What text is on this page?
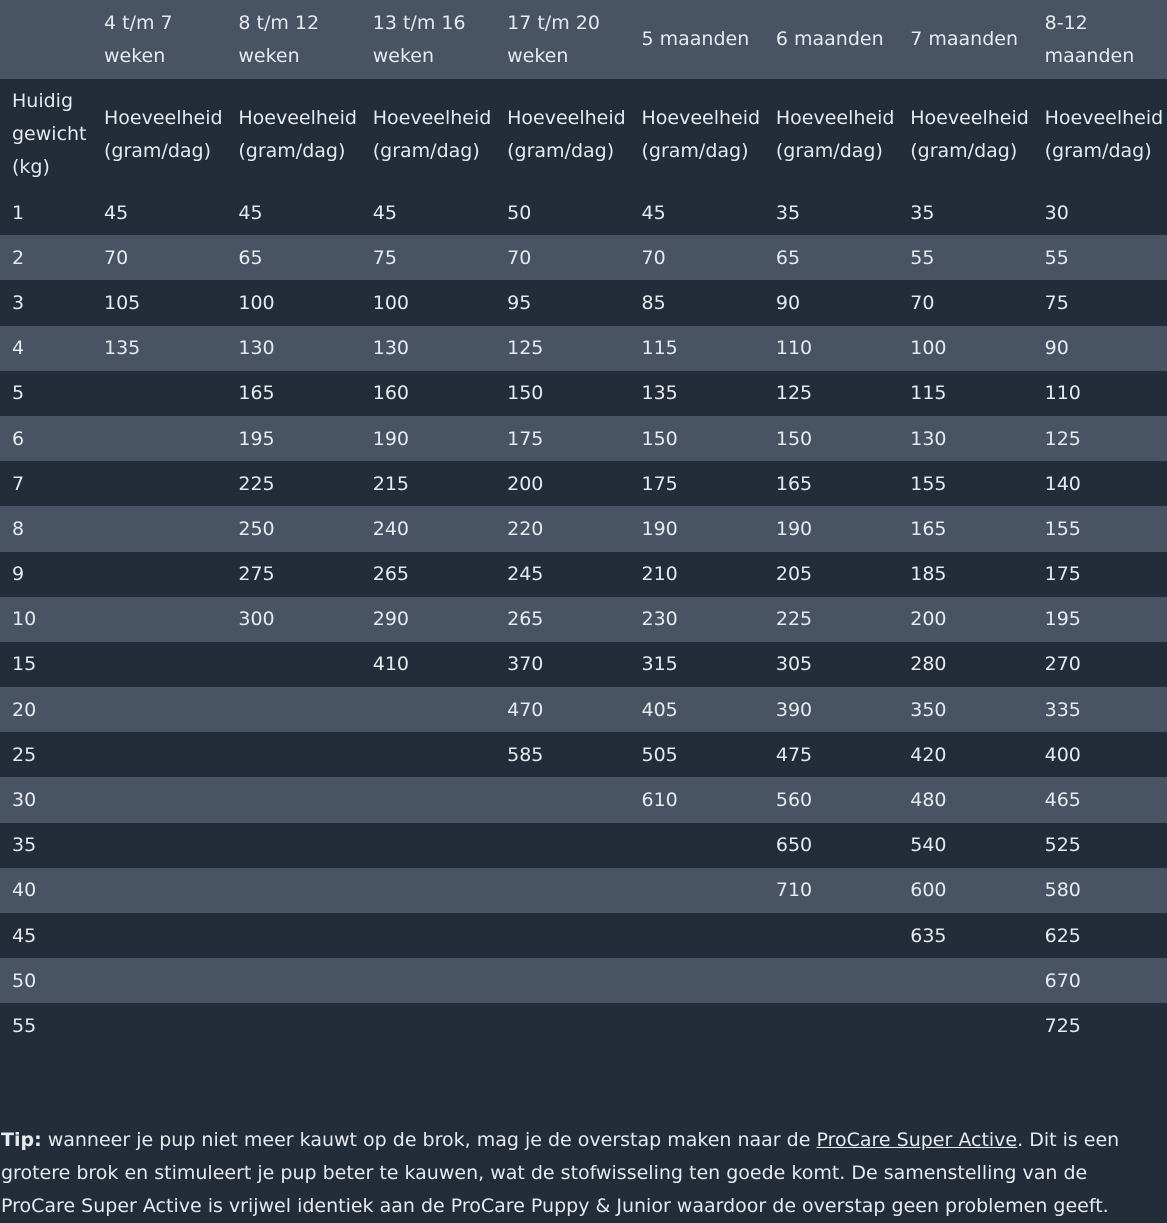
	4 t/m 7 weken	8 t/m 12 weken	13 t/m 16 weken	17 t/m 20 weken	5 maanden	6 maanden	7 maanden	8-12 maanden
Huidig gewicht (kg)	Hoeveelheid (gram/dag)	Hoeveelheid (gram/dag)	Hoeveelheid (gram/dag)	Hoeveelheid (gram/dag)	Hoeveelheid (gram/dag)	Hoeveelheid (gram/dag)	Hoeveelheid (gram/dag)	Hoeveelheid (gram/dag)
1	45	45	45	50	45	35	35	30
2	70	65	75	70	70	65	55	55
3	105	100	100	95	85	90	70	75
4	135	130	130	125	115	110	100	90
5		165	160	150	135	125	115	110
6		195	190	175	150	150	130	125
7		225	215	200	175	165	155	140
8		250	240	220	190	190	165	155
9		275	265	245	210	205	185	175
10		300	290	265	230	225	200	195
15			410	370	315	305	280	270
20				470	405	390	350	335
25				585	505	475	420	400
30					610	560	480	465
35						650	540	525
40						710	600	580
45							635	625
50								670
55								725

Tip: wanneer je pup niet meer kauwt op de brok, mag je de overstap maken naar de ProCare Super Active. Dit is een grotere brok en stimuleert je pup beter te kauwen, wat de stofwisseling ten goede komt. De samenstelling van de ProCare Super Active is vrijwel identiek aan de ProCare Puppy & Junior waardoor de overstap geen problemen geeft.
